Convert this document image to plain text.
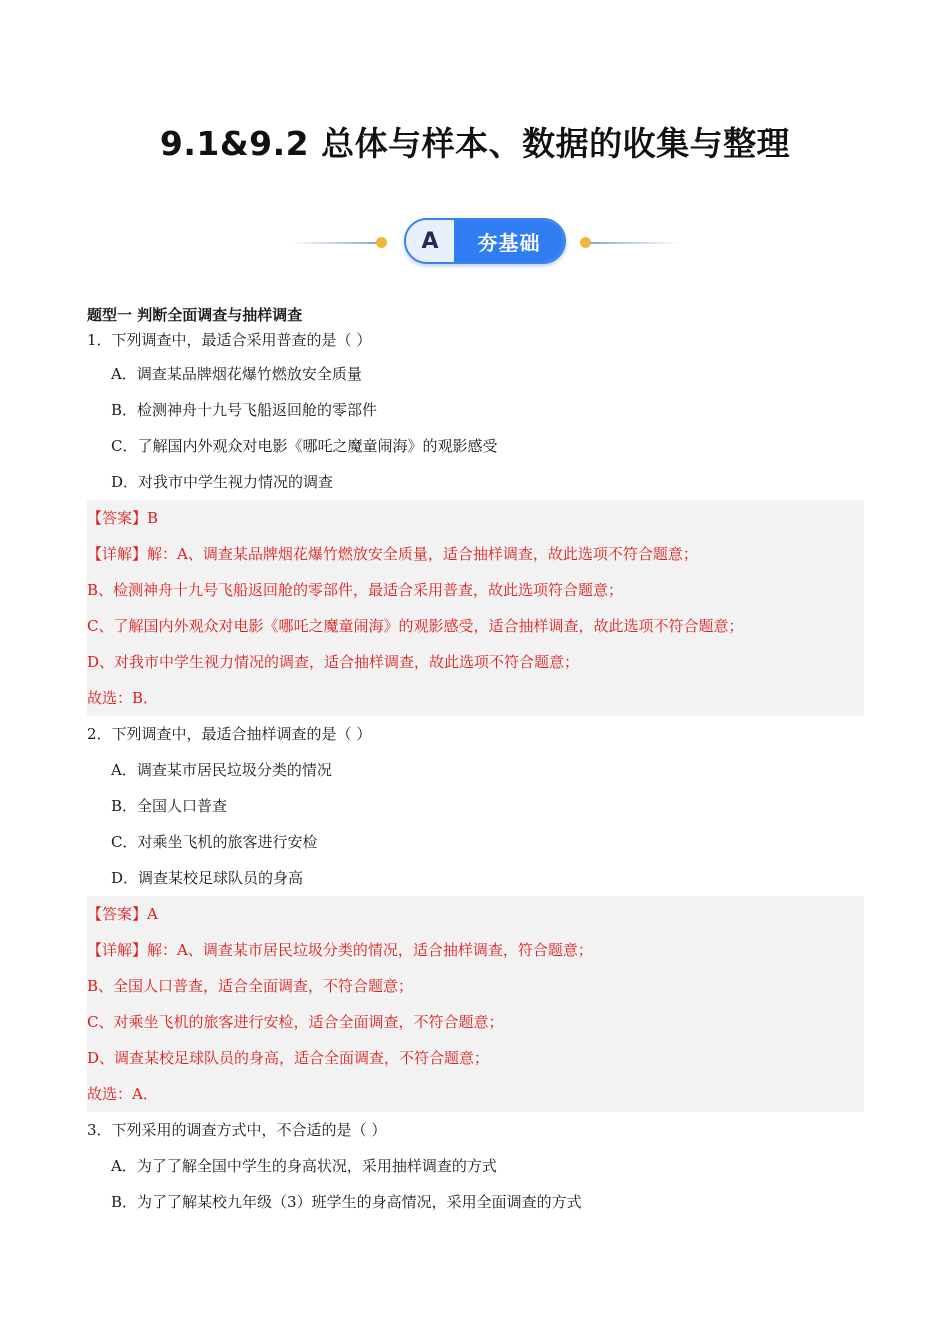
9.1&9.2 总体与样本、数据的收集与整理
A	夯基础
题型一 判断全面调查与抽样调查
1．下列调查中，最适合采用普查的是（ ）
A．调查某品牌烟花爆竹燃放安全质量
B．检测神舟十九号飞船返回舱的零部件
C．了解国内外观众对电影《哪吒之魔童闹海》的观影感受
D．对我市中学生视力情况的调查
【答案】B
【详解】解：A、调查某品牌烟花爆竹燃放安全质量，适合抽样调查，故此选项不符合题意；
B、检测神舟十九号飞船返回舱的零部件，最适合采用普查，故此选项符合题意；
C、了解国内外观众对电影《哪吒之魔童闹海》的观影感受，适合抽样调查，故此选项不符合题意；
D、对我市中学生视力情况的调查，适合抽样调查，故此选项不符合题意；
故选：B．
2．下列调查中，最适合抽样调查的是（ ）
A．调查某市居民垃圾分类的情况
B．全国人口普查
C．对乘坐飞机的旅客进行安检
D．调查某校足球队员的身高
【答案】A
【详解】解：A、调查某市居民垃圾分类的情况，适合抽样调查，符合题意；
B、全国人口普查，适合全面调查，不符合题意；
C、对乘坐飞机的旅客进行安检，适合全面调查，不符合题意；
D、调查某校足球队员的身高，适合全面调查，不符合题意；
故选：A．
3．下列采用的调查方式中，不合适的是（ ）
A．为了了解全国中学生的身高状况，采用抽样调查的方式
B．为了了解某校九年级（3）班学生的身高情况，采用全面调查的方式
